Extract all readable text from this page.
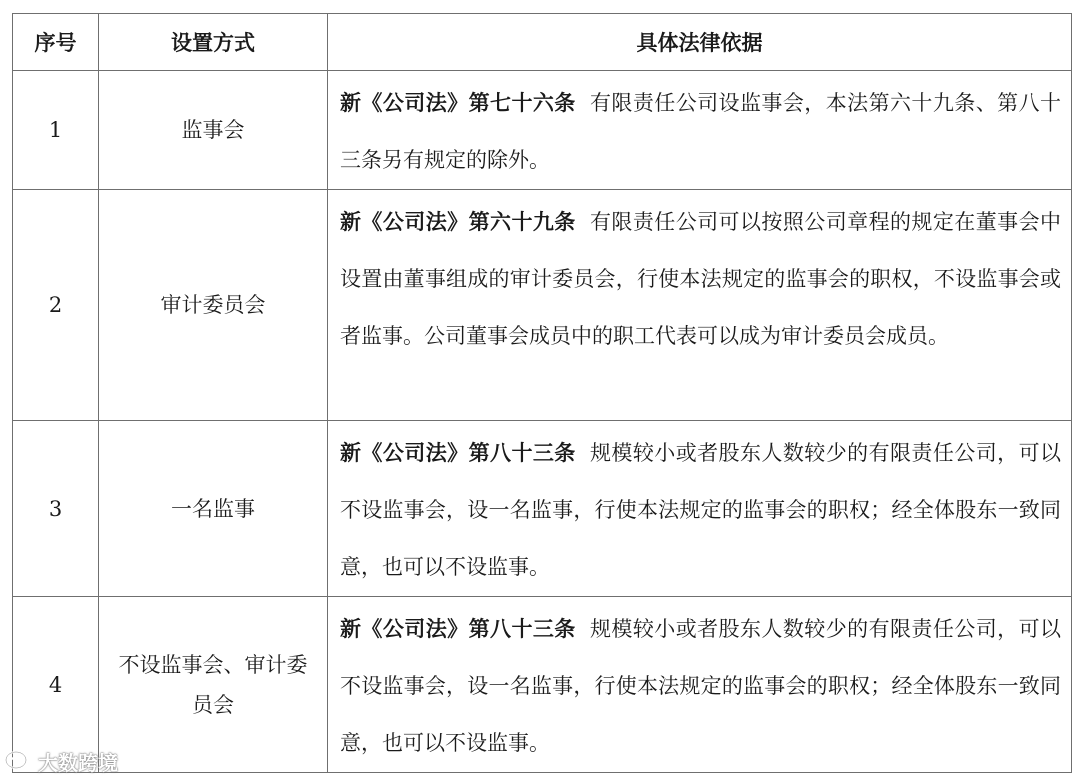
序号	设置方式	具体法律依据
1	监事会	新《公司法》第七十六条 有限责任公司设监事会，本法第六十九条、第八十三条另有规定的除外。
2	审计委员会	新《公司法》第六十九条 有限责任公司可以按照公司章程的规定在董事会中设置由董事组成的审计委员会，行使本法规定的监事会的职权，不设监事会或者监事。公司董事会成员中的职工代表可以成为审计委员会成员。
3	一名监事	新《公司法》第八十三条 规模较小或者股东人数较少的有限责任公司，可以不设监事会，设一名监事，行使本法规定的监事会的职权；经全体股东一致同意，也可以不设监事。
4	不设监事会、审计委员会	新《公司法》第八十三条 规模较小或者股东人数较少的有限责任公司，可以不设监事会，设一名监事，行使本法规定的监事会的职权；经全体股东一致同意，也可以不设监事。
大数跨境
